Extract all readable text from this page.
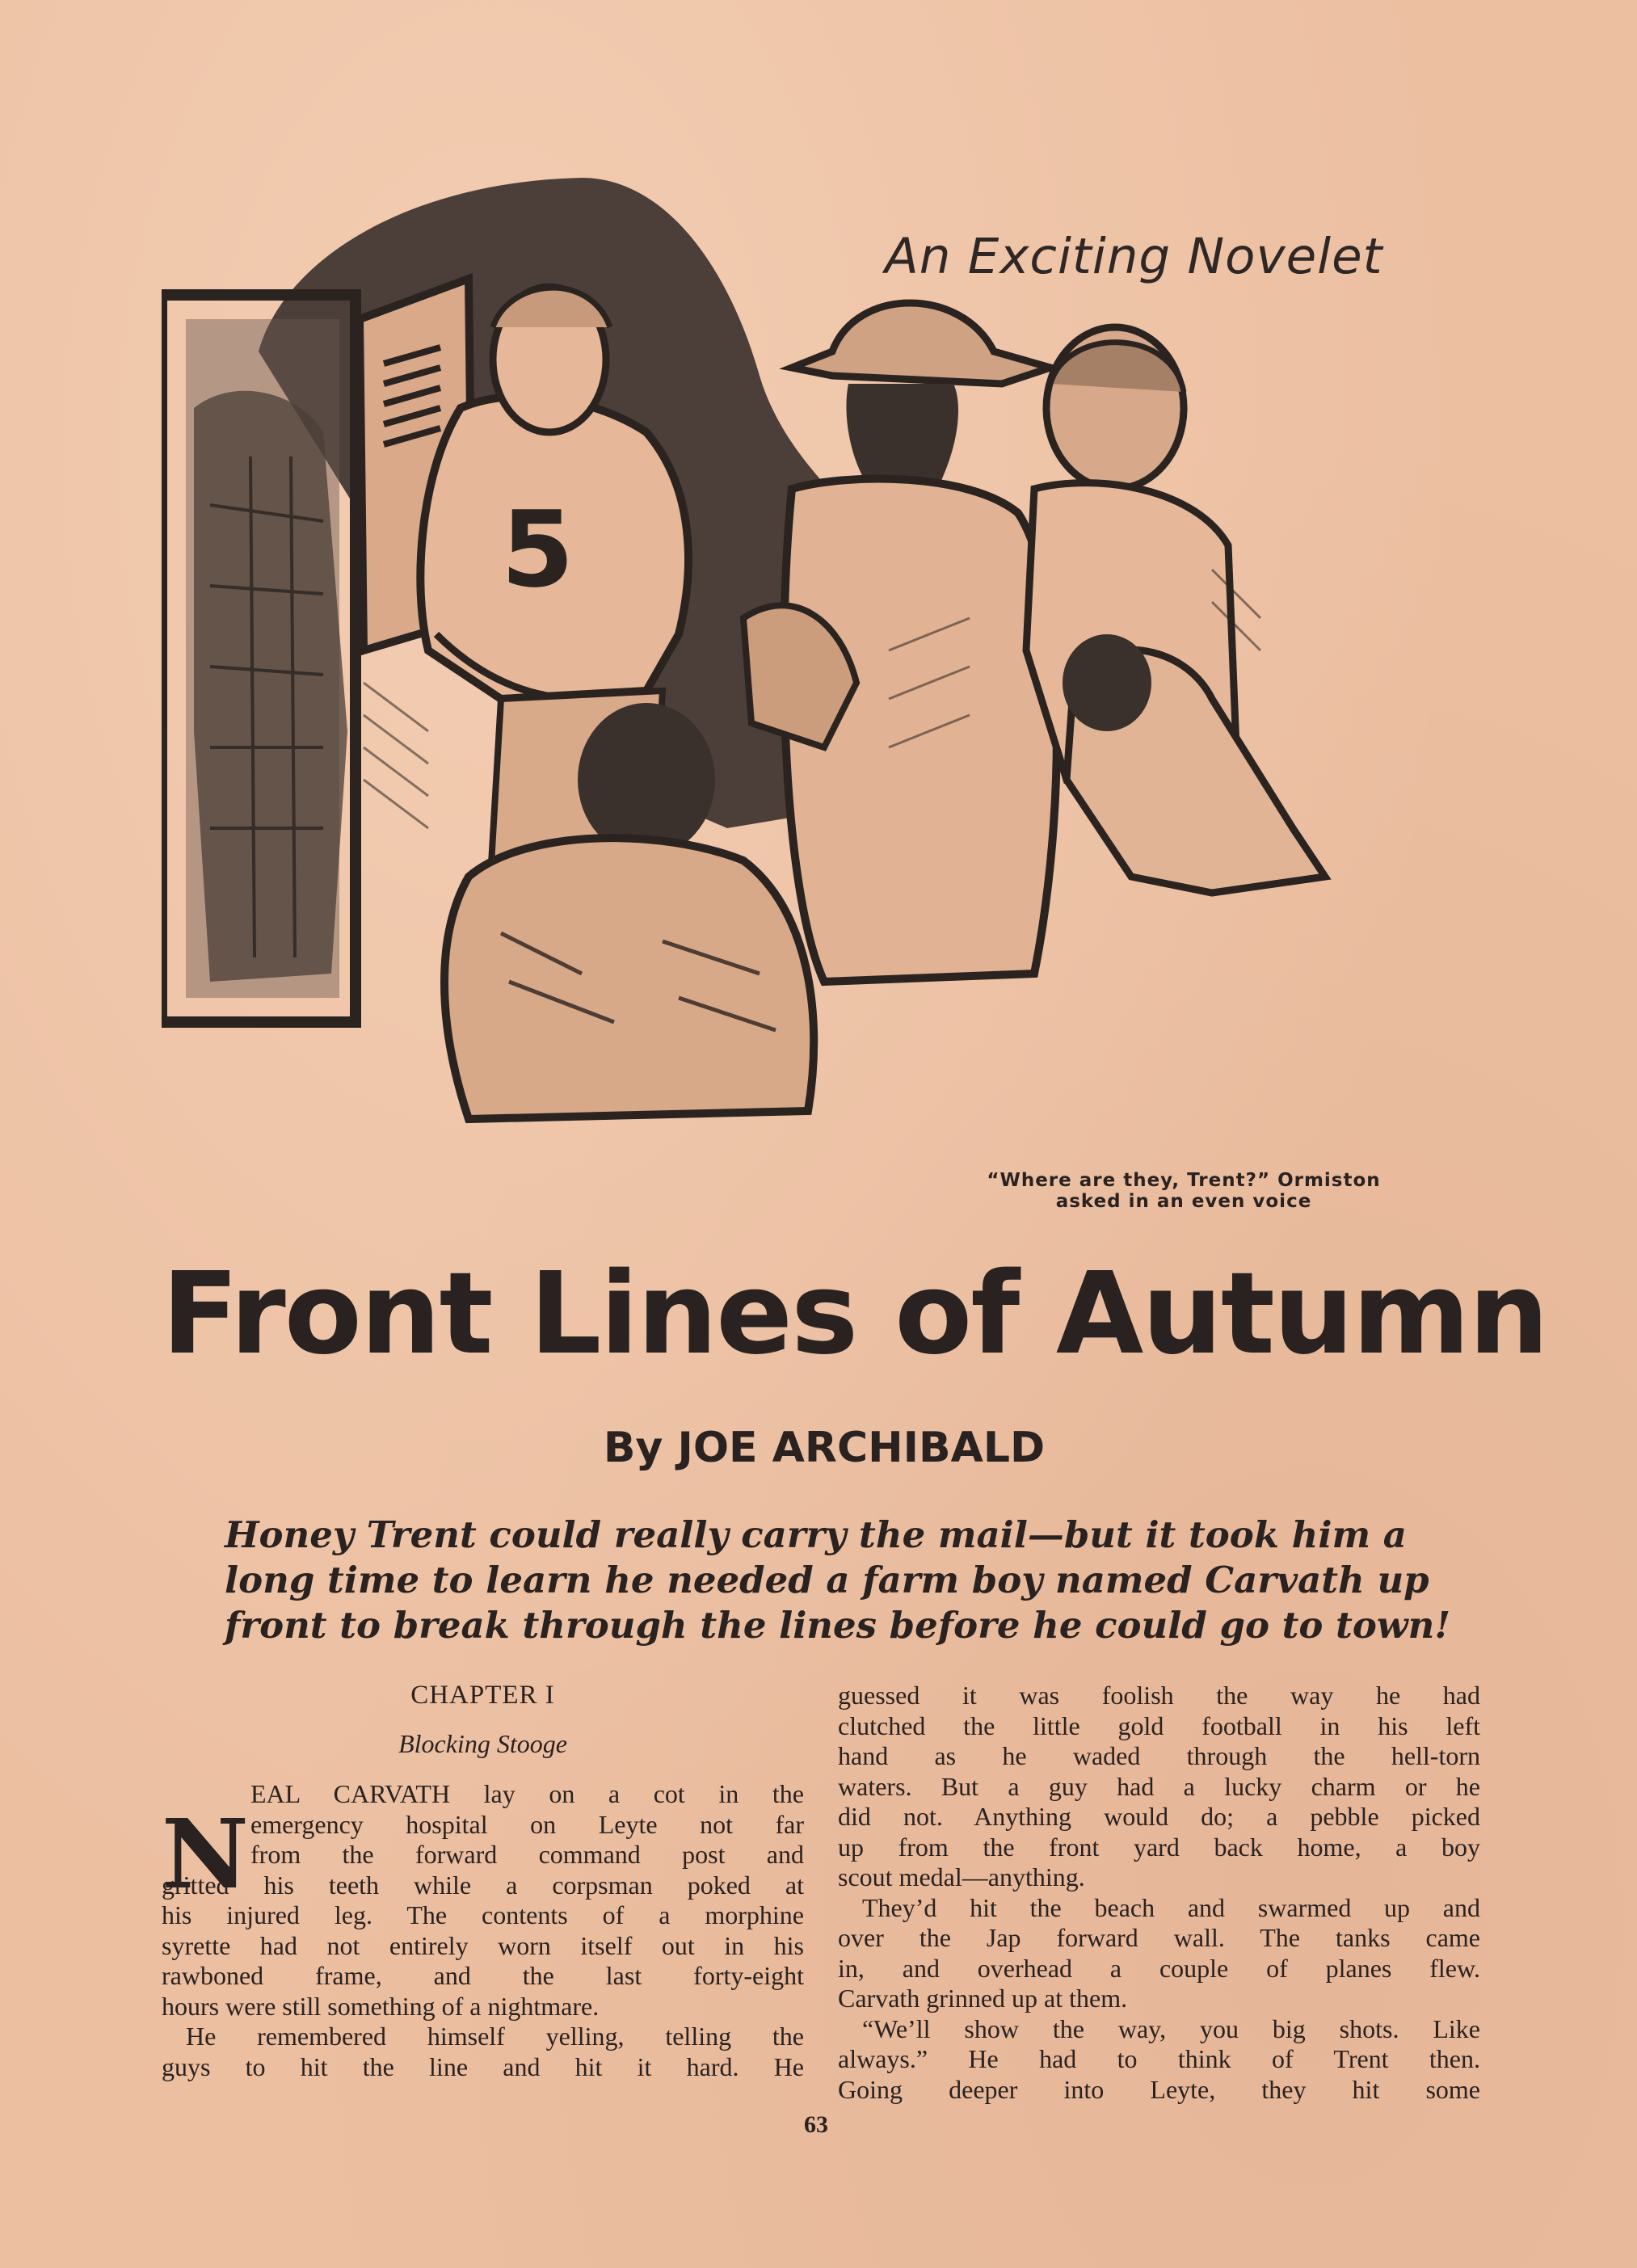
An Exciting Novelet
5
“Where are they, Trent?” Ormiston
asked in an even voice
Front Lines of Autumn
By JOE ARCHIBALD
Honey Trent could really carry the mail—but it took him a
long time to learn he needed a farm boy named Carvath up
front to break through the lines before he could go to town!
CHAPTER I
Blocking Stooge
N
EAL CARVATH lay on a cot in the
emergency hospital on Leyte not far
from the forward command post and
gritted his teeth while a corpsman poked at
his injured leg. The contents of a morphine
syrette had not entirely worn itself out in his
rawboned frame, and the last forty-eight
hours were still something of a nightmare.
He remembered himself yelling, telling the
guys to hit the line and hit it hard. He
guessed it was foolish the way he had
clutched the little gold football in his left
hand as he waded through the hell-torn
waters. But a guy had a lucky charm or he
did not. Anything would do; a pebble picked
up from the front yard back home, a boy
scout medal—anything.
They’d hit the beach and swarmed up and
over the Jap forward wall. The tanks came
in, and overhead a couple of planes flew.
Carvath grinned up at them.
“We’ll show the way, you big shots. Like
always.” He had to think of Trent then.
Going deeper into Leyte, they hit some
63
